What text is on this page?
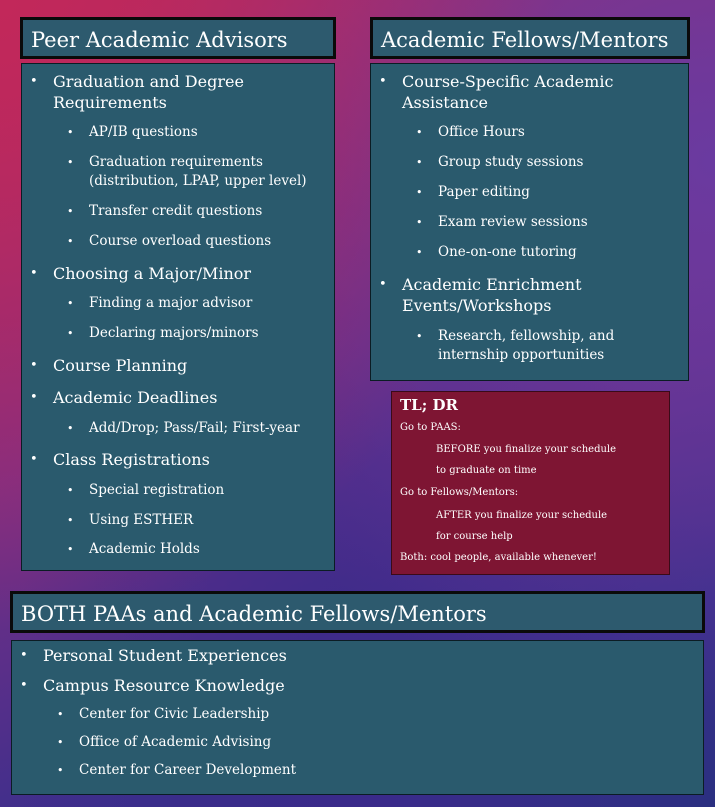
Peer Academic Advisors
• Graduation and Degree Requirements
• AP/IB questions
• Graduation requirements (distribution, LPAP, upper level)
• Transfer credit questions
• Course overload questions
• Choosing a Major/Minor
• Finding a major advisor
• Declaring majors/minors
• Course Planning
• Academic Deadlines
• Add/Drop; Pass/Fail; First-year
• Class Registrations
• Special registration
• Using ESTHER
• Academic Holds
Academic Fellows/Mentors
• Course-Specific Academic Assistance
• Office Hours
• Group study sessions
• Paper editing
• Exam review sessions
• One-on-one tutoring
• Academic Enrichment Events/Workshops
• Research, fellowship, and internship opportunities
TL; DR
Go to PAAS:
BEFORE you finalize your schedule
to graduate on time
Go to Fellows/Mentors:
AFTER you finalize your schedule
for course help
Both: cool people, available whenever!
BOTH PAAs and Academic Fellows/Mentors
• Personal Student Experiences
• Campus Resource Knowledge
• Center for Civic Leadership
• Office of Academic Advising
• Center for Career Development
